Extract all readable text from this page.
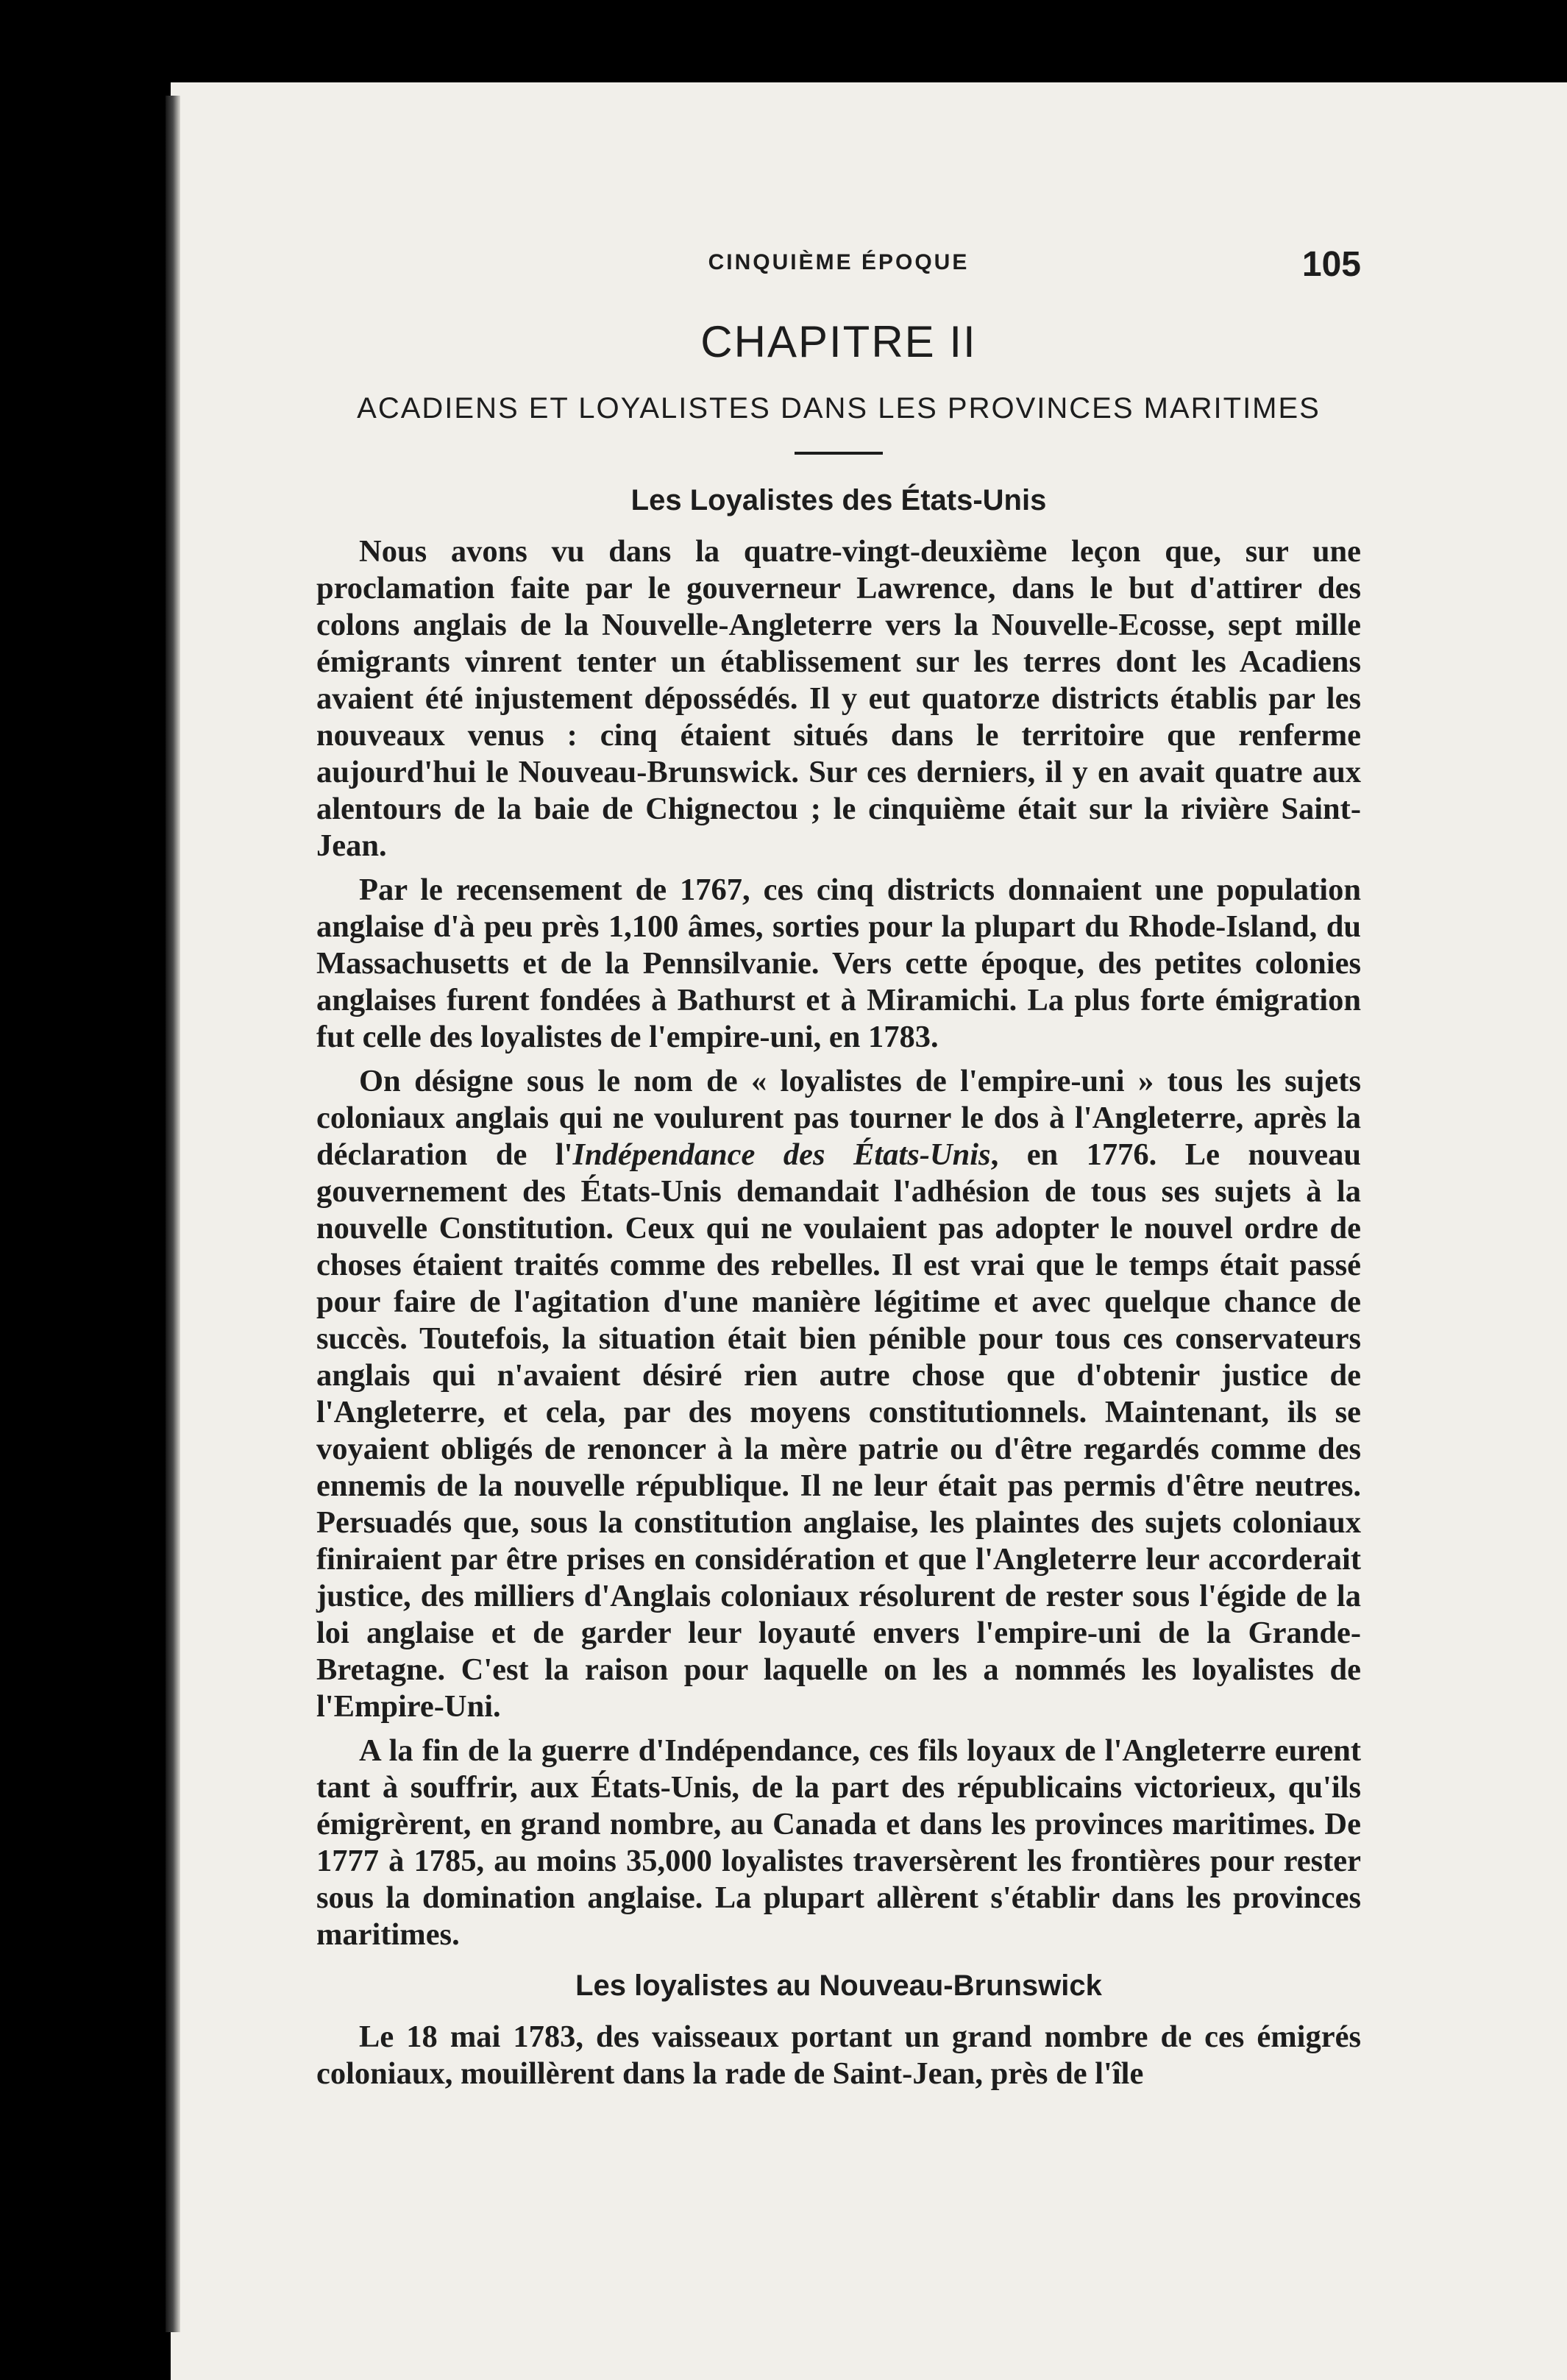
CINQUIÈME ÉPOQUE	105
CHAPITRE II
ACADIENS ET LOYALISTES DANS LES PROVINCES MARITIMES
Les Loyalistes des États-Unis

Nous avons vu dans la quatre-vingt-deuxième leçon que, sur une proclamation faite par le gouverneur Lawrence, dans le but d'attirer des colons anglais de la Nouvelle-Angleterre vers la Nouvelle-Ecosse, sept mille émigrants vinrent tenter un établissement sur les terres dont les Acadiens avaient été injustement dépossédés. Il y eut quatorze districts établis par les nouveaux venus : cinq étaient situés dans le territoire que renferme aujourd'hui le Nouveau-Brunswick. Sur ces derniers, il y en avait quatre aux alentours de la baie de Chignectou ; le cinquième était sur la rivière Saint-Jean.

Par le recensement de 1767, ces cinq districts donnaient une population anglaise d'à peu près 1,100 âmes, sorties pour la plupart du Rhode-Island, du Massachusetts et de la Pennsilvanie. Vers cette époque, des petites colonies anglaises furent fondées à Bathurst et à Miramichi. La plus forte émigration fut celle des loyalistes de l'empire-uni, en 1783.

On désigne sous le nom de « loyalistes de l'empire-uni » tous les sujets coloniaux anglais qui ne voulurent pas tourner le dos à l'Angleterre, après la déclaration de l'Indépendance des États-Unis, en 1776. Le nouveau gouvernement des États-Unis demandait l'adhésion de tous ses sujets à la nouvelle Constitution. Ceux qui ne voulaient pas adopter le nouvel ordre de choses étaient traités comme des rebelles. Il est vrai que le temps était passé pour faire de l'agitation d'une manière légitime et avec quelque chance de succès. Toutefois, la situation était bien pénible pour tous ces conservateurs anglais qui n'avaient désiré rien autre chose que d'obtenir justice de l'Angleterre, et cela, par des moyens constitutionnels. Maintenant, ils se voyaient obligés de renoncer à la mère patrie ou d'être regardés comme des ennemis de la nouvelle république. Il ne leur était pas permis d'être neutres. Persuadés que, sous la constitution anglaise, les plaintes des sujets coloniaux finiraient par être prises en considération et que l'Angleterre leur accorderait justice, des milliers d'Anglais coloniaux résolurent de rester sous l'égide de la loi anglaise et de garder leur loyauté envers l'empire-uni de la Grande-Bretagne. C'est la raison pour laquelle on les a nommés les loyalistes de l'Empire-Uni.

A la fin de la guerre d'Indépendance, ces fils loyaux de l'Angleterre eurent tant à souffrir, aux États-Unis, de la part des républicains victorieux, qu'ils émigrèrent, en grand nombre, au Canada et dans les provinces maritimes. De 1777 à 1785, au moins 35,000 loyalistes traversèrent les frontières pour rester sous la domination anglaise. La plupart allèrent s'établir dans les provinces maritimes.

Les loyalistes au Nouveau-Brunswick

Le 18 mai 1783, des vaisseaux portant un grand nombre de ces émigrés coloniaux, mouillèrent dans la rade de Saint-Jean, près de l'île
